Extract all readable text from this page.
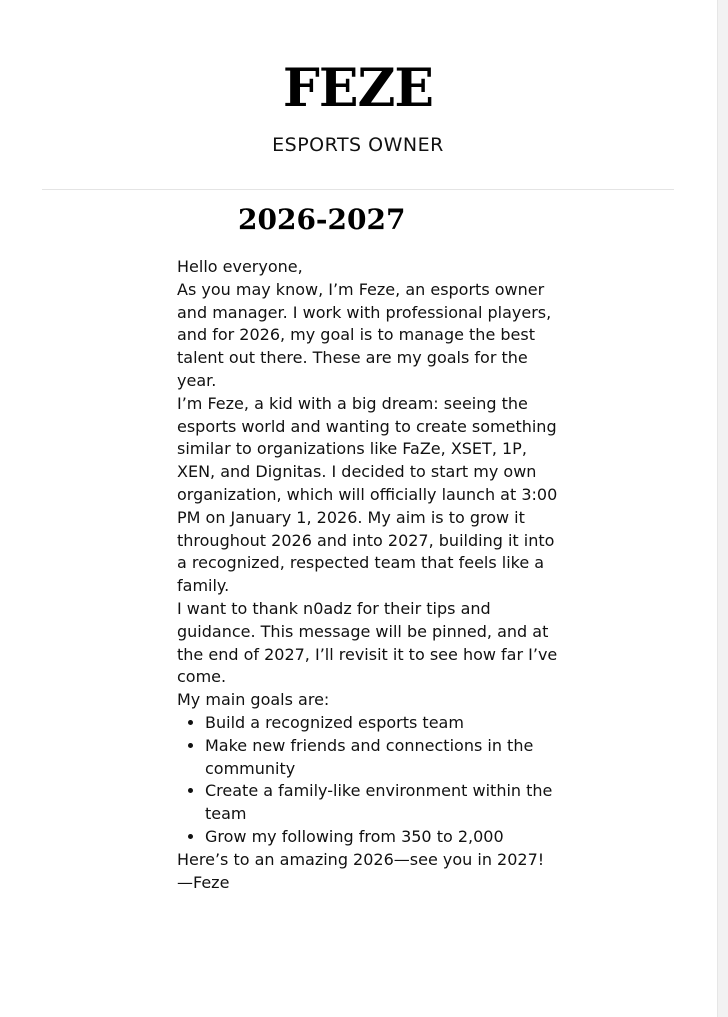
FEZE
ESPORTS OWNER
2026-2027

Hello everyone,

As you may know, I’m Feze, an esports owner and manager. I work with professional players, and for 2026, my goal is to manage the best talent out there. These are my goals for the year.

I’m Feze, a kid with a big dream: seeing the esports world and wanting to create something similar to organizations like FaZe, XSET, 1P, XEN, and Dignitas. I decided to start my own organization, which will officially launch at 3:00 PM on January 1, 2026. My aim is to grow it throughout 2026 and into 2027, building it into a recognized, respected team that feels like a family.

I want to thank n0adz for their tips and guidance. This message will be pinned, and at the end of 2027, I’ll revisit it to see how far I’ve come.

My main goals are:

• Build a recognized esports team
• Make new friends and connections in the community
• Create a family-like environment within the team
• Grow my following from 350 to 2,000

Here’s to an amazing 2026—see you in 2027!

—Feze
